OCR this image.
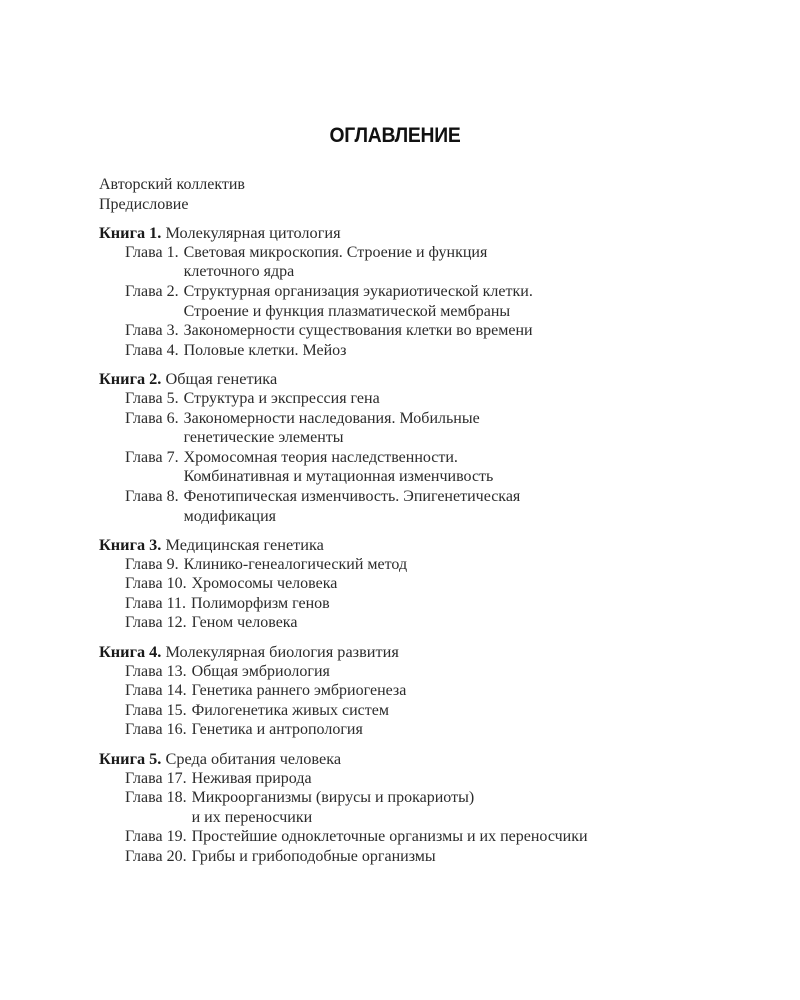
ОГЛАВЛЕНИЕ
Авторский коллектив
Предисловие
Книга 1. Молекулярная цитология
Глава 1. Световая микроскопия. Строение и функция
клеточного ядра
Глава 2. Структурная организация эукариотической клетки.
Строение и функция плазматической мембраны
Глава 3. Закономерности существования клетки во времени
Глава 4. Половые клетки. Мейоз
Книга 2. Общая генетика
Глава 5. Структура и экспрессия гена
Глава 6. Закономерности наследования. Мобильные
генетические элементы
Глава 7. Хромосомная теория наследственности.
Комбинативная и мутационная изменчивость
Глава 8. Фенотипическая изменчивость. Эпигенетическая
модификация
Книга 3. Медицинская генетика
Глава 9. Клинико-генеалогический метод
Глава 10. Хромосомы человека
Глава 11. Полиморфизм генов
Глава 12. Геном человека
Книга 4. Молекулярная биология развития
Глава 13. Общая эмбриология
Глава 14. Генетика раннего эмбриогенеза
Глава 15. Филогенетика живых систем
Глава 16. Генетика и антропология
Книга 5. Среда обитания человека
Глава 17. Неживая природа
Глава 18. Микроорганизмы (вирусы и прокариоты)
и их переносчики
Глава 19. Простейшие одноклеточные организмы и их переносчики
Глава 20. Грибы и грибоподобные организмы
